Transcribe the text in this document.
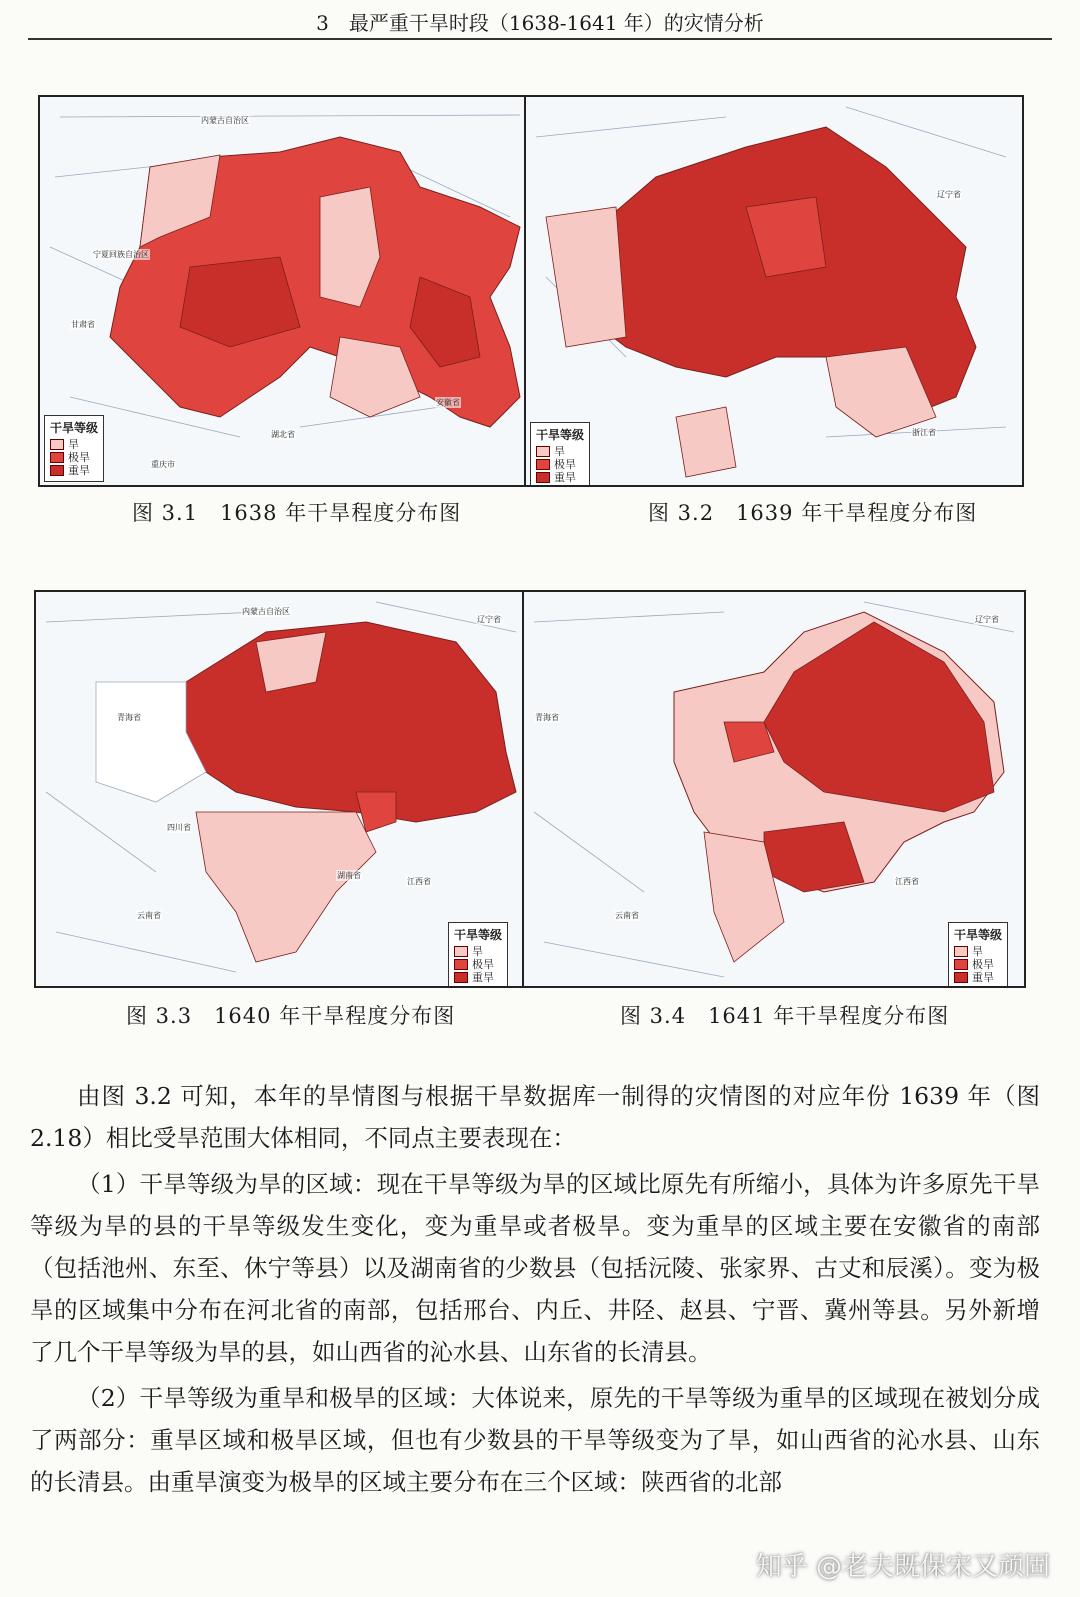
3　最严重干旱时段（1638-1641 年）的灾情分析
内蒙古自治区
宁夏回族自治区
甘肃省
湖北省
安徽省
重庆市
干旱等级
旱
极旱
重旱
辽宁省
浙江省
干旱等级
旱
极旱
重旱
图 3.1　1638 年干旱程度分布图	图 3.2　1639 年干旱程度分布图
内蒙古自治区
辽宁省
青海省
四川省
湖南省
江西省
云南省
干旱等级
旱
极旱
重旱
辽宁省
青海省
云南省
江西省
干旱等级
旱
极旱
重旱
图 3.3　1640 年干旱程度分布图	图 3.4　1641 年干旱程度分布图

由图 3.2 可知，本年的旱情图与根据干旱数据库一制得的灾情图的对应年份 1639 年（图 2.18）相比受旱范围大体相同，不同点主要表现在：

（1）干旱等级为旱的区域：现在干旱等级为旱的区域比原先有所缩小，具体为许多原先干旱等级为旱的县的干旱等级发生变化，变为重旱或者极旱。变为重旱的区域主要在安徽省的南部（包括池州、东至、休宁等县）以及湖南省的少数县（包括沅陵、张家界、古丈和辰溪）。变为极旱的区域集中分布在河北省的南部，包括邢台、内丘、井陉、赵县、宁晋、冀州等县。另外新增了几个干旱等级为旱的县，如山西省的沁水县、山东省的长清县。

（2）干旱等级为重旱和极旱的区域：大体说来，原先的干旱等级为重旱的区域现在被划分成了两部分：重旱区域和极旱区域，但也有少数县的干旱等级变为了旱，如山西省的沁水县、山东的长清县。由重旱演变为极旱的区域主要分布在三个区域：陕西省的北部

知乎 @老夫既保宋又顽固
